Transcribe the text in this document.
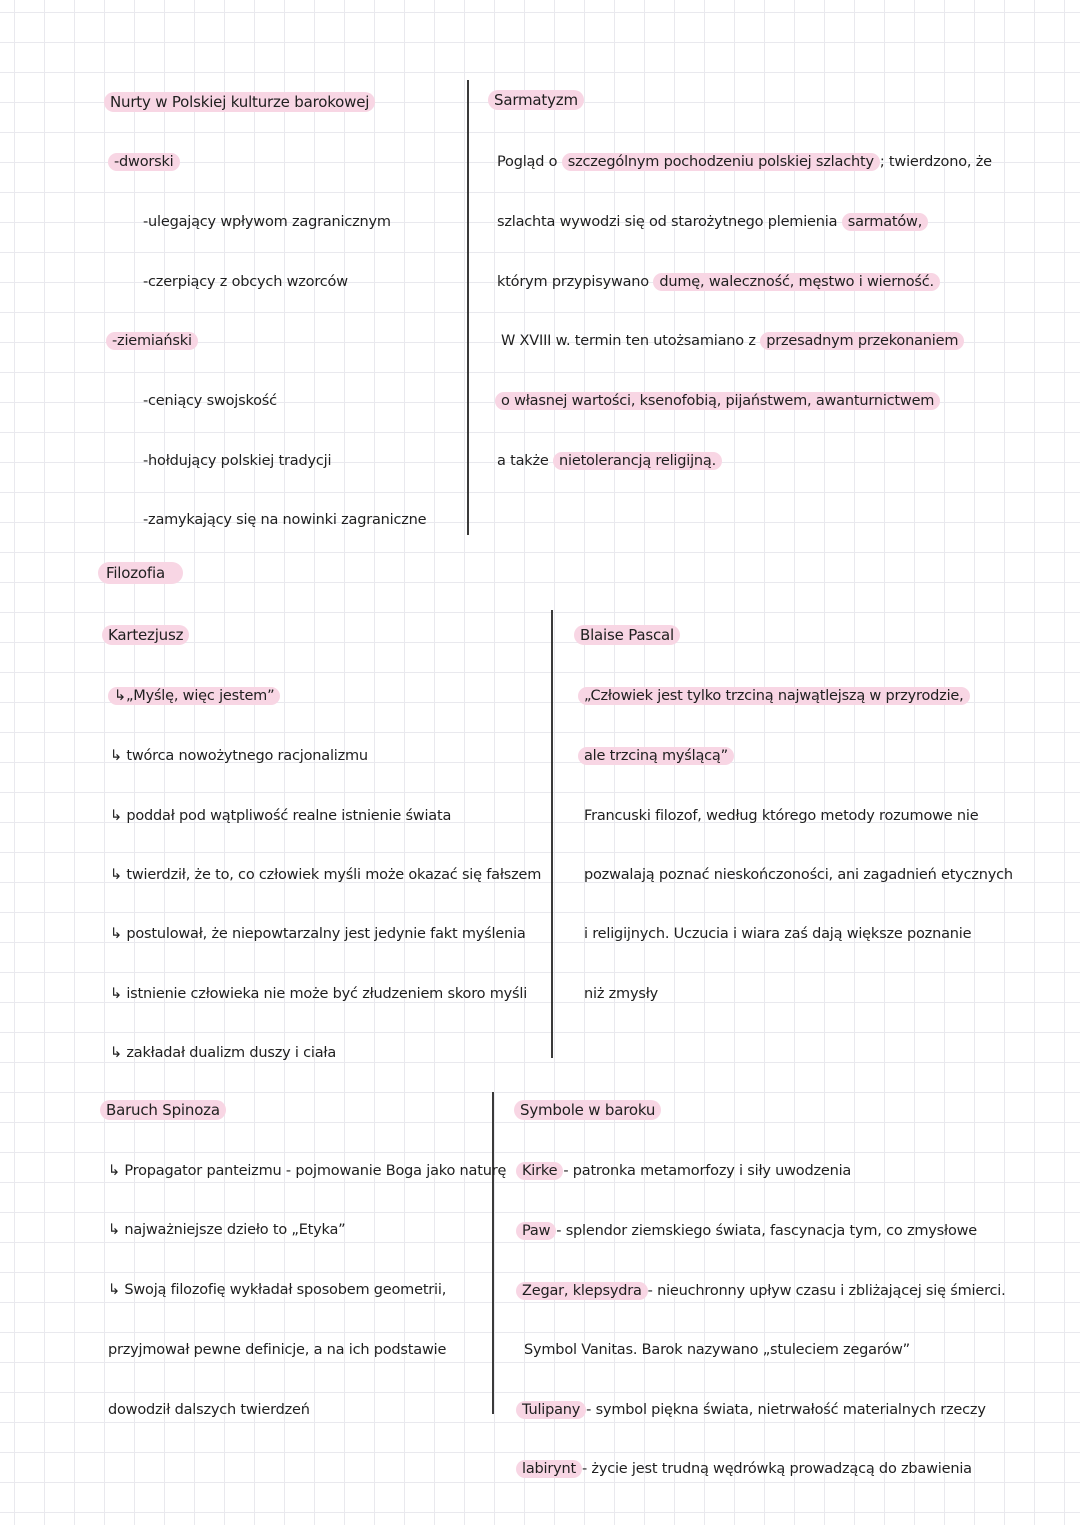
Nurty w Polskiej kulturze barokowej
-dworski
-ulegający wpływom zagranicznym
-czerpiący z obcych wzorców
-ziemiański
-ceniący swojskość
-hołdujący polskiej tradycji
-zamykający się na nowinki zagraniczne
Sarmatyzm
Pogląd o szczególnym pochodzeniu polskiej szlachty ; twierdzono, że
szlachta wywodzi się od starożytnego plemienia sarmatów,
którym przypisywano dumę, waleczność, męstwo i wierność.
W XVIII w. termin ten utożsamiano z przesadnym przekonaniem
o własnej wartości, ksenofobią, pijaństwem, awanturnictwem
a także nietolerancją religijną.
Filozofia
Kartezjusz
↳„Myślę, więc jestem”
↳ twórca nowożytnego racjonalizmu
↳ poddał pod wątpliwość realne istnienie świata
↳ twierdził, że to, co człowiek myśli może okazać się fałszem
↳ postulował, że niepowtarzalny jest jedynie fakt myślenia
↳ istnienie człowieka nie może być złudzeniem skoro myśli
↳ zakładał dualizm duszy i ciała
Blaise Pascal
„Człowiek jest tylko trzciną najwątlejszą w przyrodzie,
ale trzciną myślącą”
Francuski filozof, według którego metody rozumowe nie
pozwalają poznać nieskończoności, ani zagadnień etycznych
i religijnych. Uczucia i wiara zaś dają większe poznanie
niż zmysły
Baruch Spinoza
↳ Propagator panteizmu - pojmowanie Boga jako naturę
↳ najważniejsze dzieło to „Etyka”
↳ Swoją filozofię wykładał sposobem geometrii,
przyjmował pewne definicje, a na ich podstawie
dowodził dalszych twierdzeń
Symbole w baroku
Kirke - patronka metamorfozy i siły uwodzenia
Paw - splendor ziemskiego świata, fascynacja tym, co zmysłowe
Zegar, klepsydra - nieuchronny upływ czasu i zbliżającej się śmierci.
Symbol Vanitas. Barok nazywano „stuleciem zegarów”
Tulipany - symbol piękna świata, nietrwałość materialnych rzeczy
labirynt - życie jest trudną wędrówką prowadzącą do zbawienia
